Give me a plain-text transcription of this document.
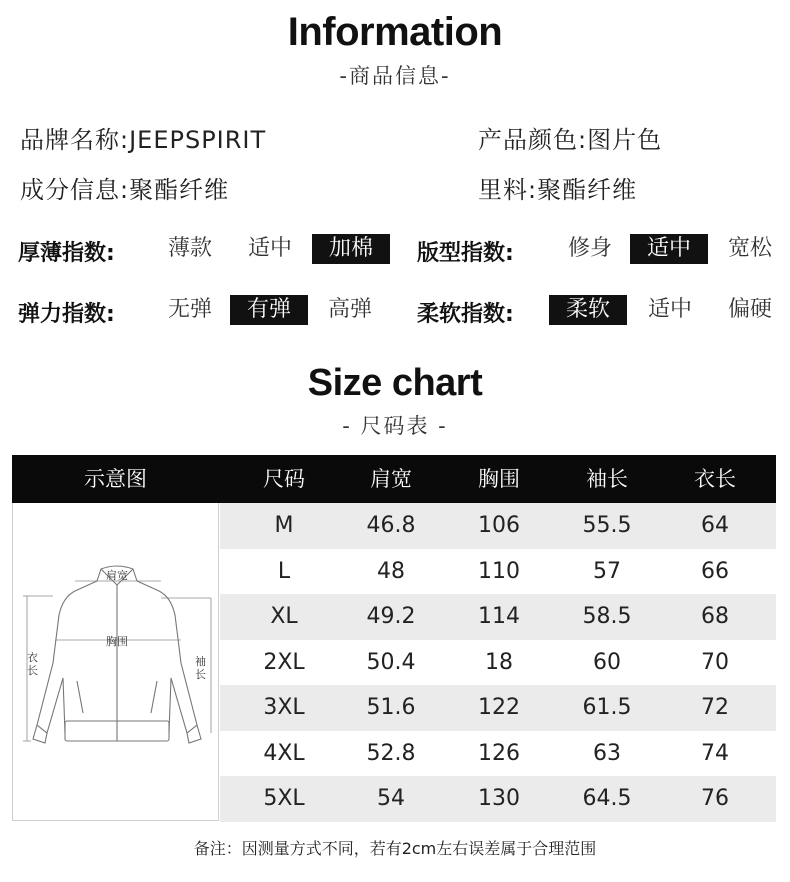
Information
-商品信息-
品牌名称:JEEPSPIRIT	产品颜色:图片色
成分信息:聚酯纤维	里料:聚酯纤维
厚薄指数:	薄款	适中	加棉	版型指数:	修身	适中	宽松
弹力指数:	无弹	有弹	高弹	柔软指数:	柔软	适中	偏硬
Size chart
- 尺码表 -
示意图	尺码	肩宽	胸围	袖长	衣长
肩宽
胸围
衣长
袖长
M	46.8	106	55.5	64
L	48	110	57	66
XL	49.2	114	58.5	68
2XL	50.4	18	60	70
3XL	51.6	122	61.5	72
4XL	52.8	126	63	74
5XL	54	130	64.5	76
备注：因测量方式不同，若有2cm左右误差属于合理范围
